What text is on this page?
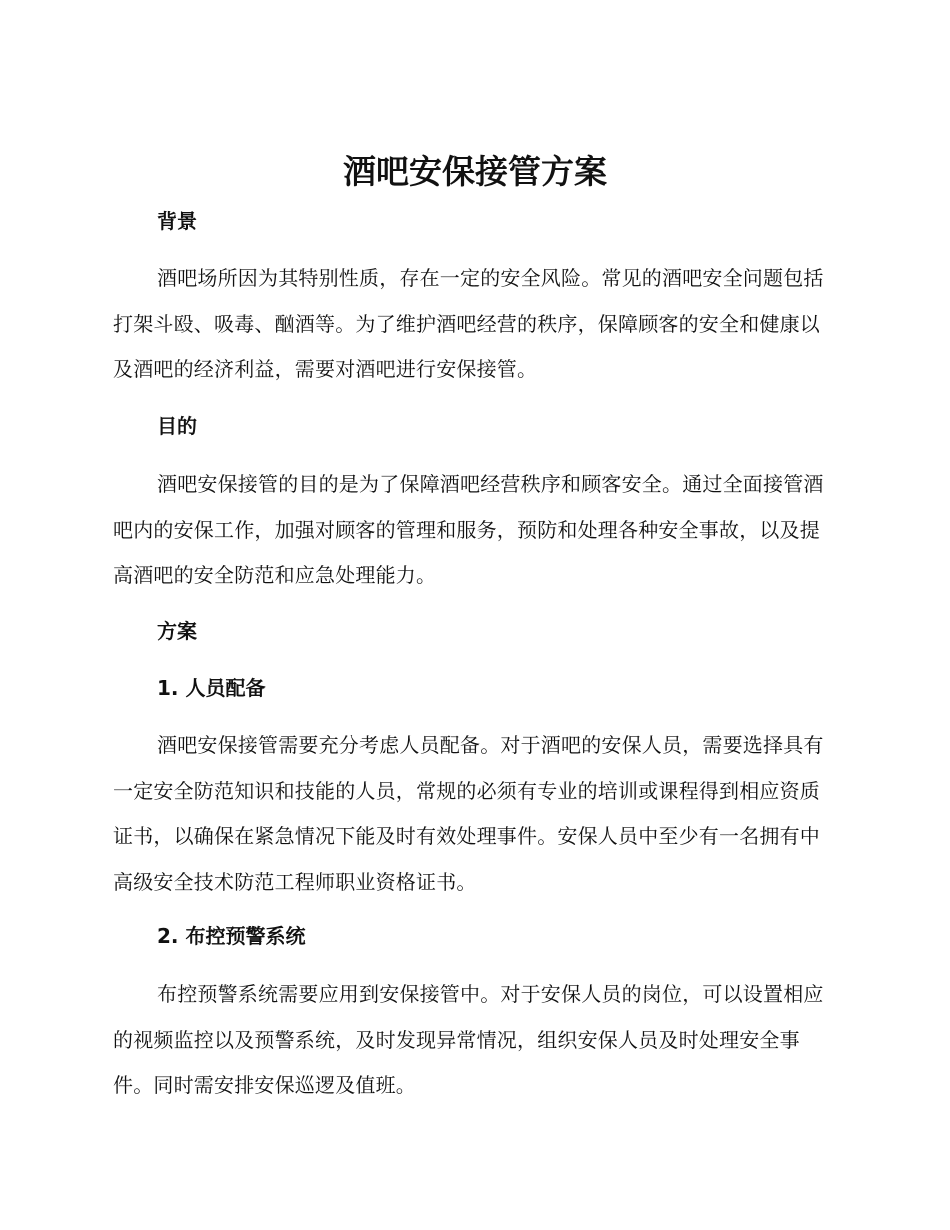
酒吧安保接管方案
背景

酒吧场所因为其特别性质，存在一定的安全风险。常见的酒吧安全问题包括打架斗殴、吸毒、酗酒等。为了维护酒吧经营的秩序，保障顾客的安全和健康以及酒吧的经济利益，需要对酒吧进行安保接管。

目的

酒吧安保接管的目的是为了保障酒吧经营秩序和顾客安全。通过全面接管酒吧内的安保工作，加强对顾客的管理和服务，预防和处理各种安全事故，以及提高酒吧的安全防范和应急处理能力。

方案
1. 人员配备

酒吧安保接管需要充分考虑人员配备。对于酒吧的安保人员，需要选择具有一定安全防范知识和技能的人员，常规的必须有专业的培训或课程得到相应资质证书，以确保在紧急情况下能及时有效处理事件。安保人员中至少有一名拥有中高级安全技术防范工程师职业资格证书。

2. 布控预警系统

布控预警系统需要应用到安保接管中。对于安保人员的岗位，可以设置相应的视频监控以及预警系统，及时发现异常情况，组织安保人员及时处理安全事件。同时需安排安保巡逻及值班。
